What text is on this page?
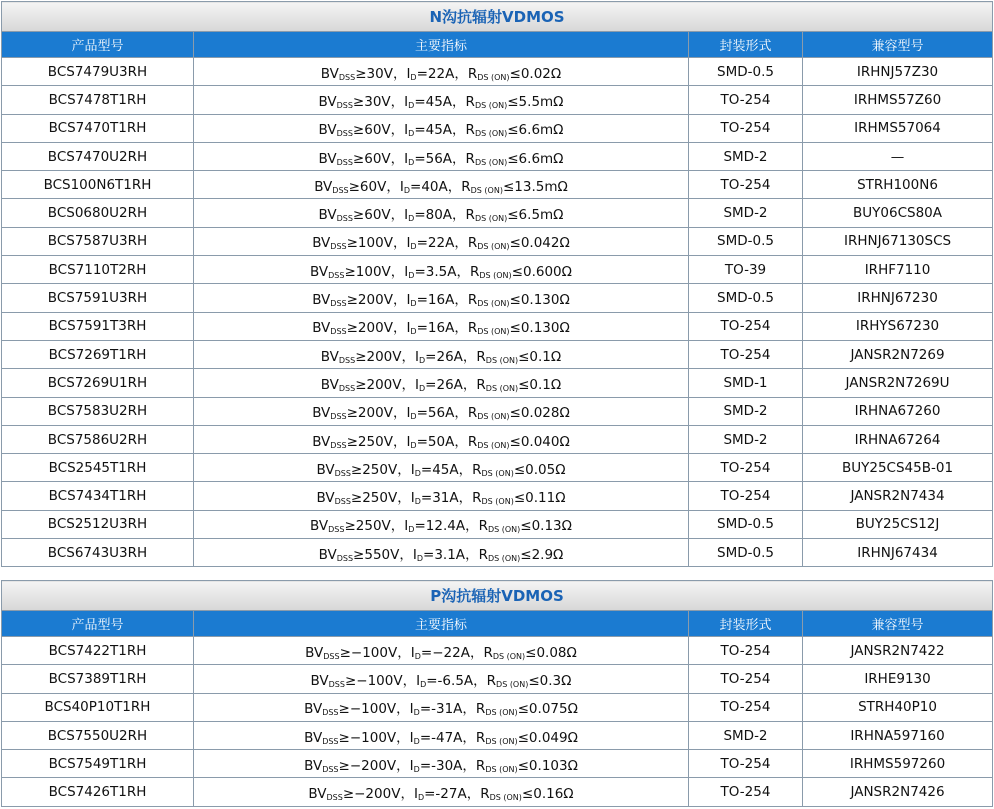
N沟抗辐射VDMOS			
产品型号	主要指标	封装形式	兼容型号
BCS7479U3RH	$BV_{DSS}\ge 30V$，$I_D=22A$，$R_{DS (ON)}\le 0.02\Omega$	SMD-0.5	IRHNJ57Z30
BCS7478T1RH	$BV_{DSS}\ge 30V$，$I_D=45A$，$R_{DS (ON)}\le 5.5m\Omega$	TO-254	IRHMS57Z60
BCS7470T1RH	$BV_{DSS}\ge 60V$，$I_D=45A$，$R_{DS (ON)}\le 6.6m\Omega$	TO-254	IRHMS57064
BCS7470U2RH	$BV_{DSS}\ge 60V$，$I_D=56A$，$R_{DS (ON)}\le 6.6m\Omega$	SMD-2	—
BCS100N6T1RH	$BV_{DSS}\ge 60V$，$I_D=40A$，$R_{DS (ON)}\le 13.5m\Omega$	TO-254	STRH100N6
BCS0680U2RH	$BV_{DSS}\ge 60V$，$I_D=80A$，$R_{DS (ON)}\le 6.5m\Omega$	SMD-2	BUY06CS80A
BCS7587U3RH	$BV_{DSS}\ge 100V$，$I_D=22A$，$R_{DS (ON)}\le 0.042\Omega$	SMD-0.5	IRHNJ67130SCS
BCS7110T2RH	$BV_{DSS}\ge 100V$，$I_D=3.5A$，$R_{DS (ON)}\le 0.600\Omega$	TO-39	IRHF7110
BCS7591U3RH	$BV_{DSS}\ge 200V$，$I_D=16A$，$R_{DS (ON)}\le 0.130\Omega$	SMD-0.5	IRHNJ67230
BCS7591T3RH	$BV_{DSS}\ge 200V$，$I_D=16A$，$R_{DS (ON)}\le 0.130\Omega$	TO-254	IRHYS67230
BCS7269T1RH	$BV_{DSS}\ge 200V$，$I_D=26A$，$R_{DS (ON)}\le 0.1\Omega$	TO-254	JANSR2N7269
BCS7269U1RH	$BV_{DSS}\ge 200V$，$I_D=26A$，$R_{DS (ON)}\le 0.1\Omega$	SMD-1	JANSR2N7269U
BCS7583U2RH	$BV_{DSS}\ge 200V$，$I_D=56A$，$R_{DS (ON)}\le 0.028\Omega$	SMD-2	IRHNA67260
BCS7586U2RH	$BV_{DSS}\ge 250V$，$I_D=50A$，$R_{DS (ON)}\le 0.040\Omega$	SMD-2	IRHNA67264
BCS2545T1RH	$BV_{DSS}\ge 250V$，$I_D=45A$，$R_{DS (ON)}\le 0.05\Omega$	TO-254	BUY25CS45B-01
BCS7434T1RH	$BV_{DSS}\ge 250V$，$I_D=31A$，$R_{DS (ON)}\le 0.11\Omega$	TO-254	JANSR2N7434
BCS2512U3RH	$BV_{DSS}\ge 250V$，$I_D=12.4A$，$R_{DS (ON)}\le 0.13\Omega$	SMD-0.5	BUY25CS12J
BCS6743U3RH	$BV_{DSS}\ge 550V$，$I_D=3.1A$，$R_{DS (ON)}\le 2.9\Omega$	SMD-0.5	IRHNJ67434
P沟抗辐射VDMOS			
产品型号	主要指标	封装形式	兼容型号
BCS7422T1RH	$BV_{DSS}\ge-100V$，$I_D=-22A$，$R_{DS (ON)}\le 0.08\Omega$	TO-254	JANSR2N7422
BCS7389T1RH	$BV_{DSS}\ge-100V$，$I_D=-6.5A$，$R_{DS (ON)}\le 0.3\Omega$	TO-254	IRHE9130
BCS40P10T1RH	$BV_{DSS}\ge-100V$，$I_D=-31A$，$R_{DS (ON)}\le 0.075\Omega$	TO-254	STRH40P10
BCS7550U2RH	$BV_{DSS}\ge-100V$，$I_D=-47A$，$R_{DS (ON)}\le 0.049\Omega$	SMD-2	IRHNA597160
BCS7549T1RH	$BV_{DSS}\ge-200V$，$I_D=-30A$，$R_{DS (ON)}\le 0.103\Omega$	TO-254	IRHMS597260
BCS7426T1RH	$BV_{DSS}\ge-200V$，$I_D=-27A$，$R_{DS (ON)}\le 0.16\Omega$	TO-254	JANSR2N7426
